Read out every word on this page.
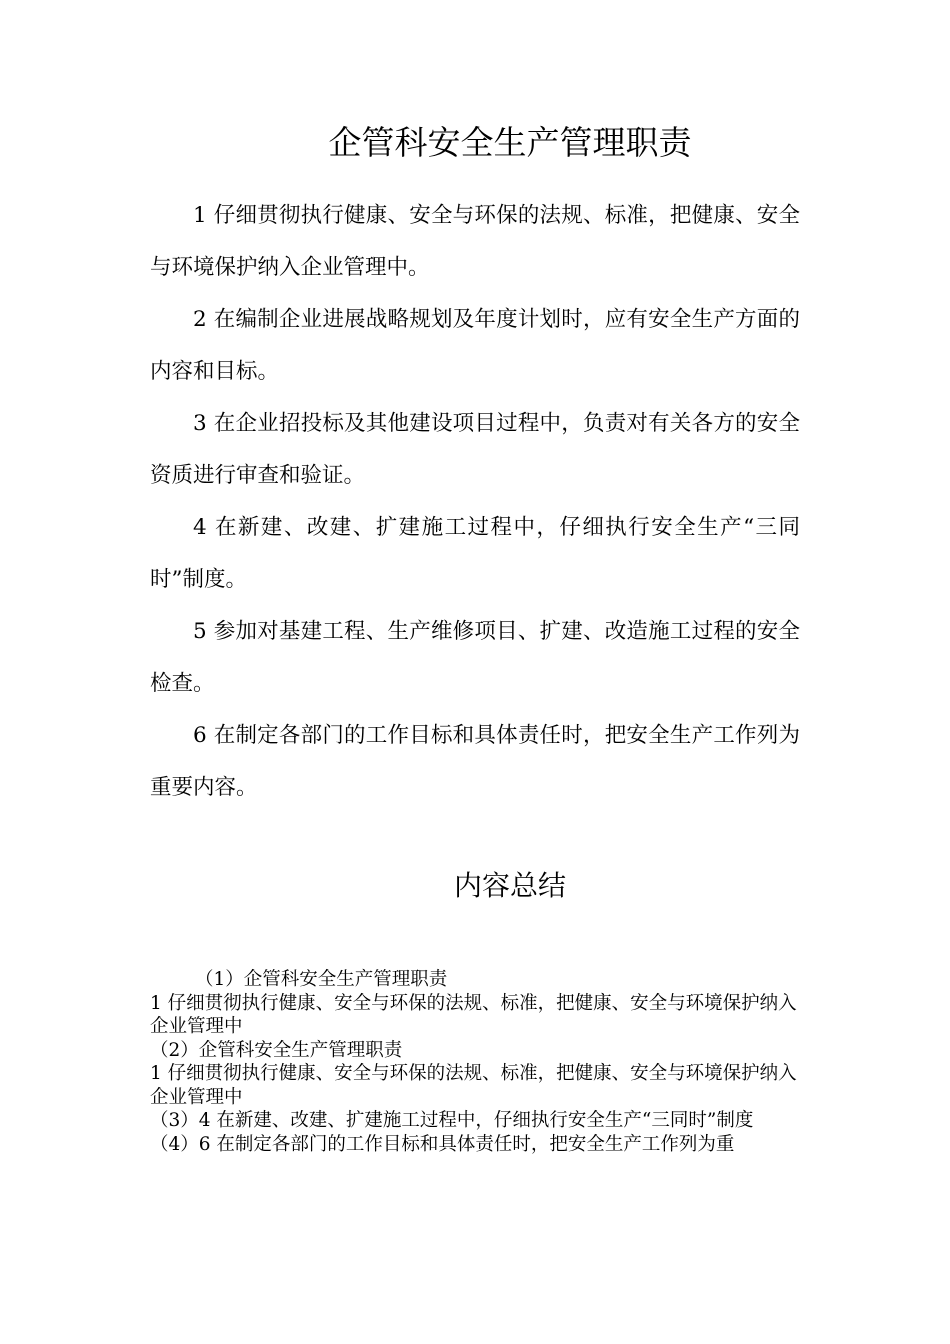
企管科安全生产管理职责

1 仔细贯彻执行健康、安全与环保的法规、标准，把健康、安全与环境保护纳入企业管理中。

2 在编制企业进展战略规划及年度计划时，应有安全生产方面的内容和目标。

3 在企业招投标及其他建设项目过程中，负责对有关各方的安全资质进行审查和验证。

4 在新建、改建、扩建施工过程中，仔细执行安全生产“三同时”制度。

5 参加对基建工程、生产维修项目、扩建、改造施工过程的安全检查。

6 在制定各部门的工作目标和具体责任时，把安全生产工作列为重要内容。

内容总结

（1）企管科安全生产管理职责

1 仔细贯彻执行健康、安全与环保的法规、标准，把健康、安全与环境保护纳入企业管理中

（2）企管科安全生产管理职责

1 仔细贯彻执行健康、安全与环保的法规、标准，把健康、安全与环境保护纳入企业管理中

（3）4 在新建、改建、扩建施工过程中，仔细执行安全生产“三同时”制度

（4）6 在制定各部门的工作目标和具体责任时，把安全生产工作列为重
